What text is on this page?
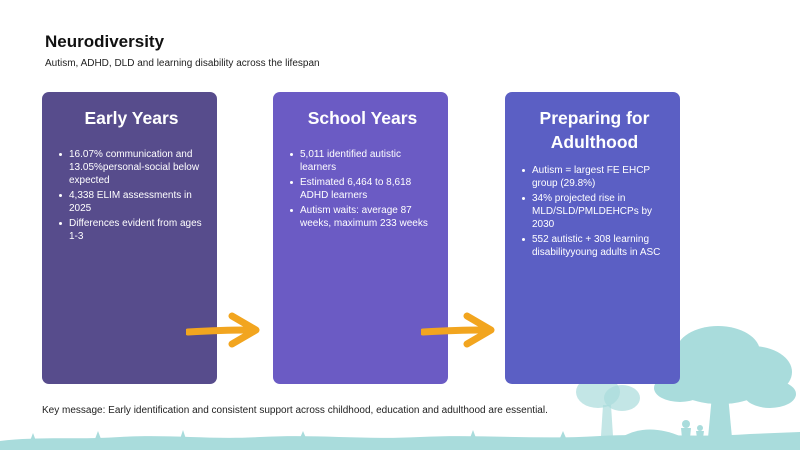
Neurodiversity
Autism, ADHD, DLD and learning disability across the lifespan
Early Years
16.07% communication and 13.05%personal-social below expected
4,338 ELIM assessments in 2025
Differences evident from ages 1-3
School Years
5,011 identified autistic learners
Estimated 6,464 to 8,618 ADHD learners
Autism waits: average 87 weeks, maximum 233 weeks
Preparing for Adulthood
Autism = largest FE EHCP group (29.8%)
34% projected rise in MLD/SLD/PMLDEHCPs by 2030
552 autistic + 308 learning disabilityyoung adults in ASC
Key message: Early identification and consistent support across childhood, education and adulthood are essential.
